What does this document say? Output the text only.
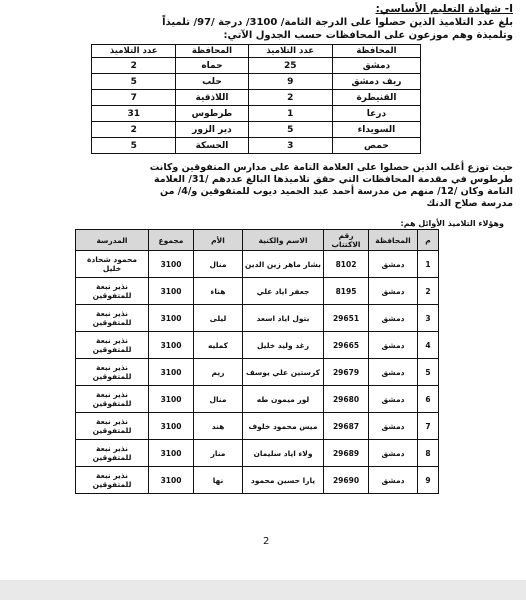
I- شهادة التعليم الأساسي:
بلغ عدد التلاميذ الذين حصلوا على الدرجة التامة/ 3100/ درجة /97/ تلميذاً
وتلميذة وهم موزعون على المحافظات حسب الجدول الآتي:
المحافظة	عدد التلاميذ	المحافظة	عدد التلاميذ
دمشق	25	حماه	2
ريف دمشق	9	حلب	5
القنيطرة	2	اللاذقية	7
درعا	1	طرطوس	31
السويداء	5	دير الزور	2
حمص	3	الحسكة	5
حيث توزع أغلب الذين حصلوا على العلامة التامة على مدارس المتفوقين وكانت
طرطوس في مقدمة المحافظات التي حقق تلاميذها البالغ عددهم /31/ العلامة
التامة وكان /12/ منهم من مدرسة أحمد عبد الحميد ديوب للمتفوقين و/4/ من
مدرسة صلاح الدنك
وهؤلاء التلاميذ الأوائل هم:
م	المحافظة	رقم الاكتتاب	الاسم والكنية	الأم	مجموع	المدرسة
1	دمشق	8102	بشار ماهر زين الدين	منال	3100	محمود شحادة خليل
2	دمشق	8195	جعفر اياد علي	هناء	3100	نذير نبعة للمتفوقين
3	دمشق	29651	بتول اياد اسعد	ليلى	3100	نذير نبعة للمتفوقين
4	دمشق	29665	رغد وليد خليل	كمليه	3100	نذير نبعة للمتفوقين
5	دمشق	29679	كرستين علي يوسف	ريم	3100	نذير نبعة للمتفوقين
6	دمشق	29680	لور ميمون طه	منال	3100	نذير نبعة للمتفوقين
7	دمشق	29687	ميس محمود خلوف	هند	3100	نذير نبعة للمتفوقين
8	دمشق	29689	ولاء اياد سليمان	منار	3100	نذير نبعة للمتفوقين
9	دمشق	29690	يارا حسين محمود	نها	3100	نذير نبعة للمتفوقين
2
